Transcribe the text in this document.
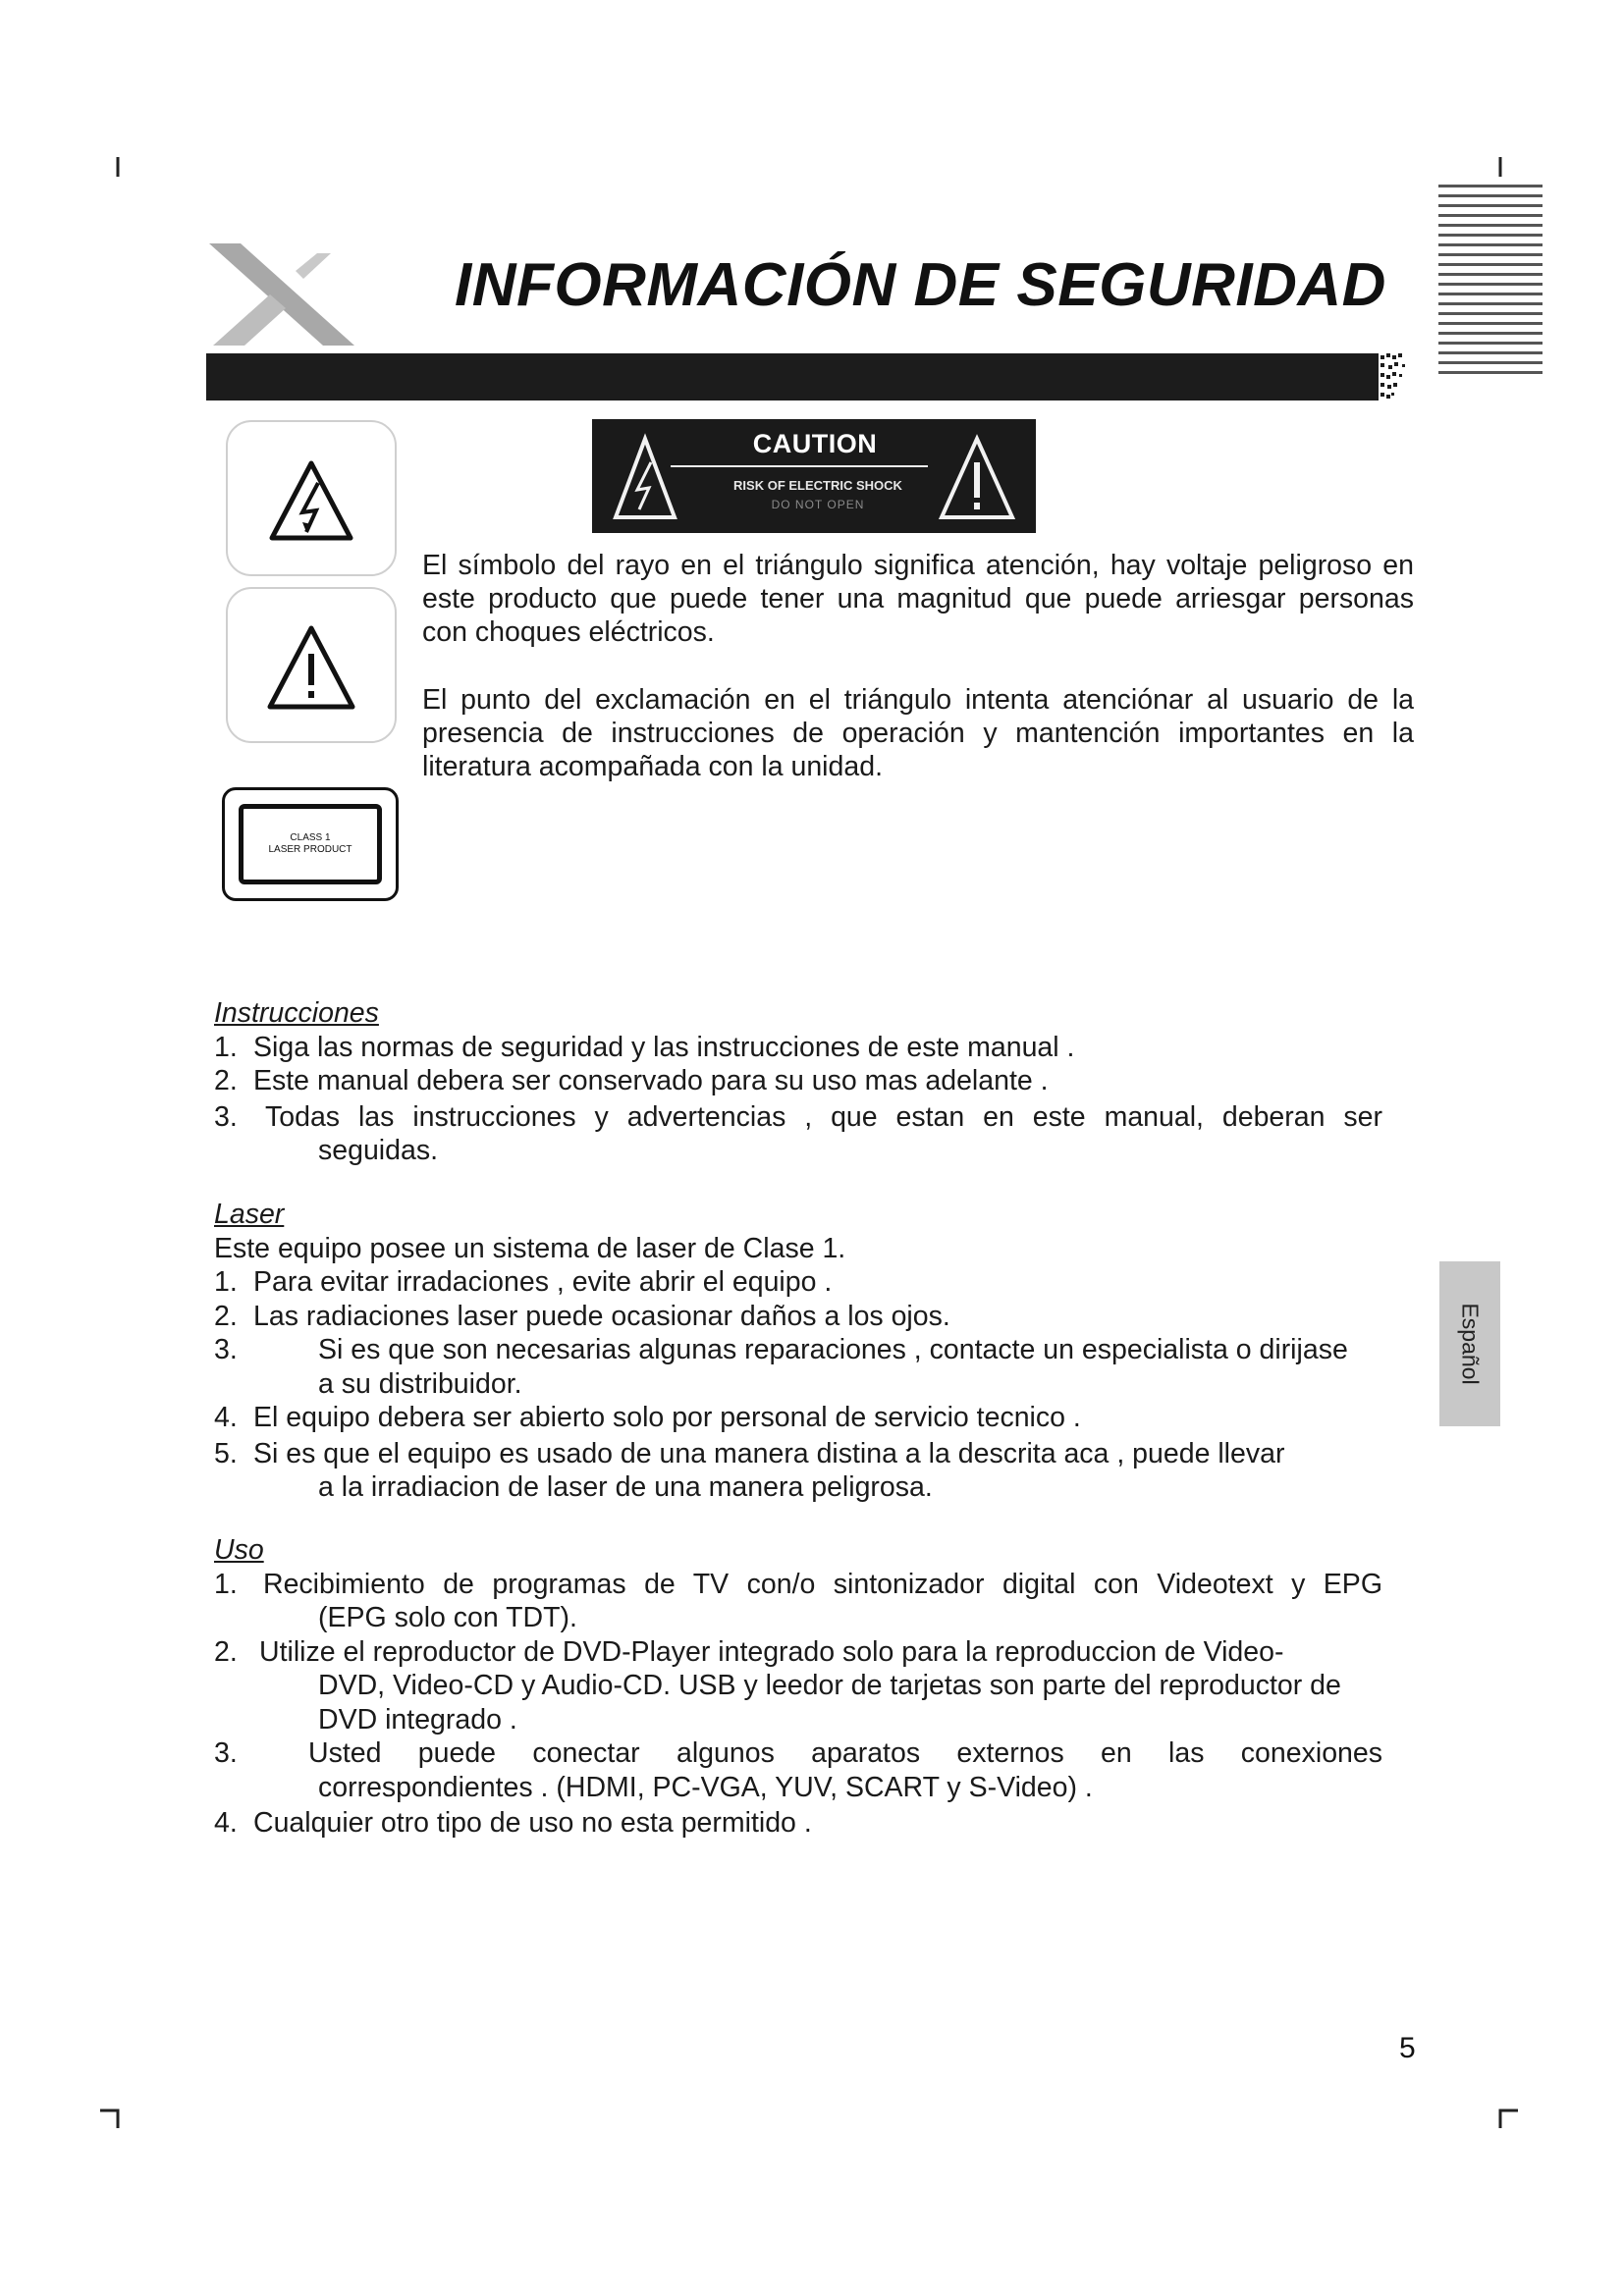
INFORMACIÓN DE SEGURIDAD
CLASS 1
LASER PRODUCT
CAUTION
RISK OF ELECTRIC SHOCK
DO NOT OPEN

El símbolo del rayo en el triángulo significa atención, hay voltaje peligroso en este producto que puede tener una magnitud que puede arriesgar personas con choques eléctricos.

El punto del exclamación en el triángulo intenta atenciónar al usuario de la presencia de instrucciones de operación y mantención importantes en la literatura acompañada con la unidad.

Instrucciones
1. Siga las normas de seguridad y las instrucciones de este manual .
2. Este manual debera ser conservado para su uso mas adelante .
3. Todas las instrucciones y advertencias , que estan en este manual, deberan ser
seguidas.
Laser
Este equipo posee un sistema de laser de Clase 1.
1. Para evitar irradaciones , evite abrir el equipo .
2. Las radiaciones laser puede ocasionar daños a los ojos.
3.	Si es que son necesarias algunas reparaciones , contacte un especialista o dirijase
a su distribuidor.
4. El equipo debera ser abierto solo por personal de servicio tecnico .
5. Si es que el equipo es usado de una manera distina a la descrita aca , puede llevar
a la irradiacion de laser de una manera peligrosa.
Uso
1. Recibimiento de programas de TV con/o sintonizador digital con Videotext y EPG
(EPG solo con TDT).
2. Utilize el reproductor de DVD-Player integrado solo para la reproduccion de Video-
DVD, Video-CD y Audio-CD. USB y leedor de tarjetas son parte del reproductor de
DVD integrado .
3.	Usted puede conectar algunos aparatos externos en las conexiones
correspondientes . (HDMI, PC-VGA, YUV, SCART y S-Video) .
4. Cualquier otro tipo de uso no esta permitido .
Español
5
